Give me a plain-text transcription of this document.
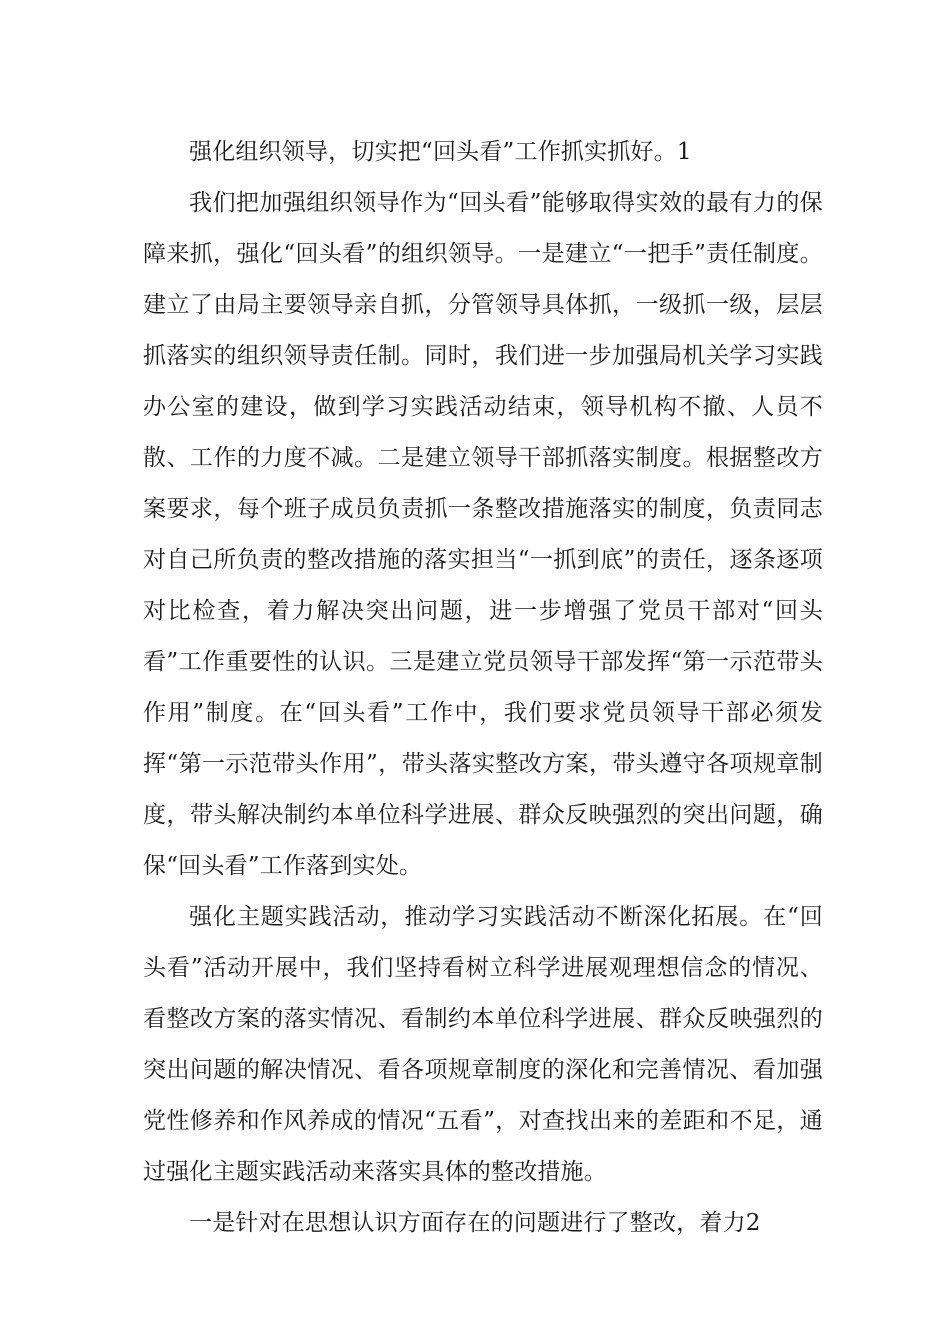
强化组织领导，切实把“回头看”工作抓实抓好。1

我们把加强组织领导作为“回头看”能够取得实效的最有力的保障来抓，强化“回头看”的组织领导。一是建立“一把手”责任制度。建立了由局主要领导亲自抓，分管领导具体抓，一级抓一级，层层抓落实的组织领导责任制。同时，我们进一步加强局机关学习实践办公室的建设，做到学习实践活动结束，领导机构不撤、人员不散、工作的力度不减。二是建立领导干部抓落实制度。根据整改方案要求，每个班子成员负责抓一条整改措施落实的制度，负责同志对自己所负责的整改措施的落实担当“一抓到底”的责任，逐条逐项对比检查，着力解决突出问题，进一步增强了党员干部对“回头看”工作重要性的认识。三是建立党员领导干部发挥“第一示范带头作用”制度。在“回头看”工作中，我们要求党员领导干部必须发挥“第一示范带头作用”，带头落实整改方案，带头遵守各项规章制度，带头解决制约本单位科学进展、群众反映强烈的突出问题，确保“回头看”工作落到实处。

强化主题实践活动，推动学习实践活动不断深化拓展。在“回头看”活动开展中，我们坚持看树立科学进展观理想信念的情况、看整改方案的落实情况、看制约本单位科学进展、群众反映强烈的突出问题的解决情况、看各项规章制度的深化和完善情况、看加强党性修养和作风养成的情况“五看”，对查找出来的差距和不足，通过强化主题实践活动来落实具体的整改措施。

一是针对在思想认识方面存在的问题进行了整改，着力2
